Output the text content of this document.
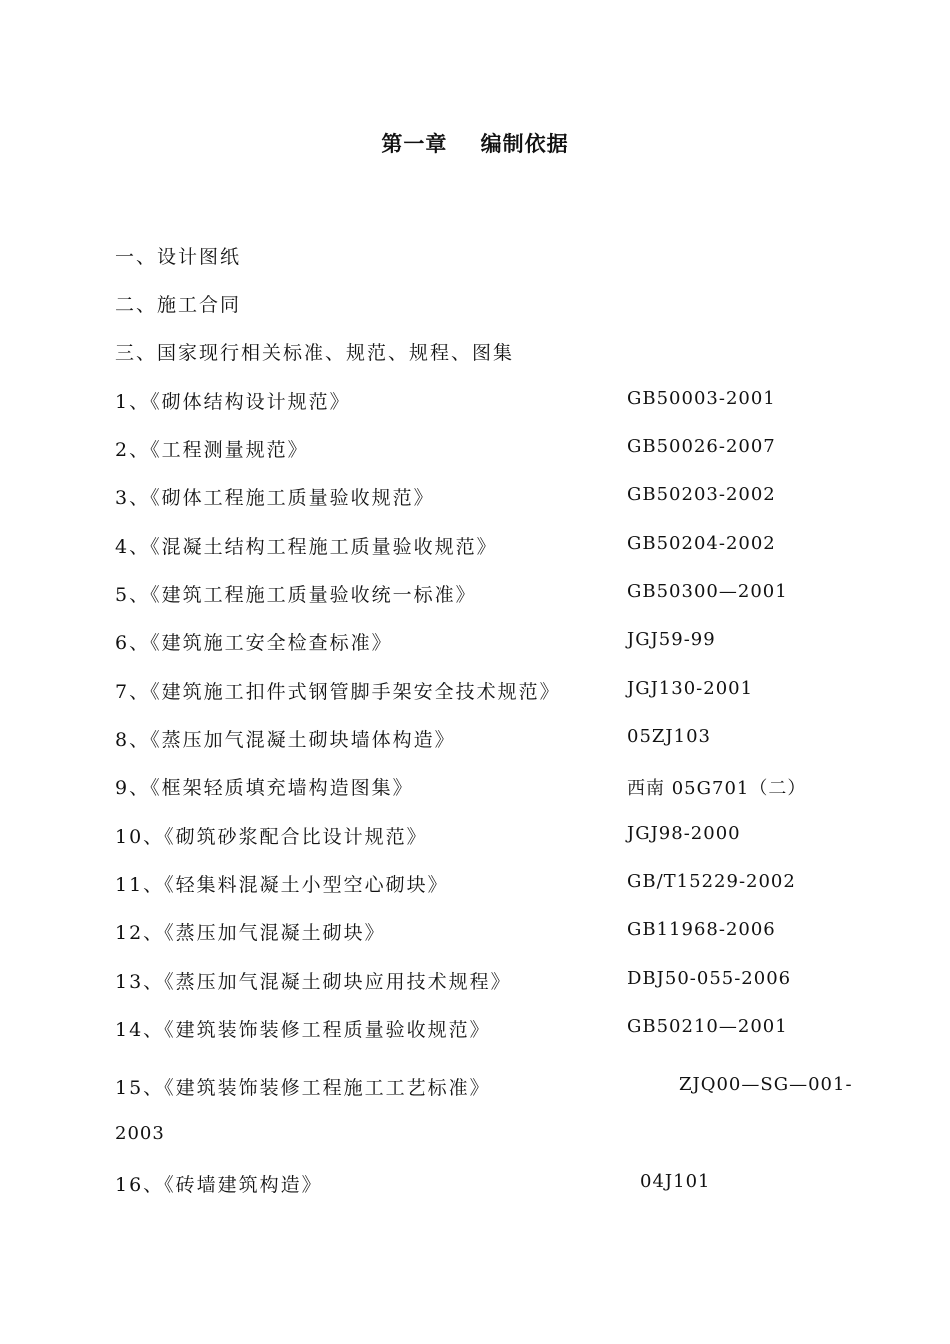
第一章    编制依据
一、设计图纸
二、施工合同
三、国家现行相关标准、规范、规程、图集
1、《砌体结构设计规范》	GB50003-2001
2、《工程测量规范》	GB50026-2007
3、《砌体工程施工质量验收规范》	GB50203-2002
4、《混凝土结构工程施工质量验收规范》	GB50204-2002
5、《建筑工程施工质量验收统一标准》	GB50300—2001
6、《建筑施工安全检查标准》	JGJ59-99
7、《建筑施工扣件式钢管脚手架安全技术规范》	JGJ130-2001
8、《蒸压加气混凝土砌块墙体构造》	05ZJ103
9、《框架轻质填充墙构造图集》	西南 05G701（二）
10、《砌筑砂浆配合比设计规范》	JGJ98-2000
11、《轻集料混凝土小型空心砌块》	GB/T15229-2002
12、《蒸压加气混凝土砌块》	GB11968-2006
13、《蒸压加气混凝土砌块应用技术规程》	DBJ50-055-2006
14、《建筑装饰装修工程质量验收规范》	GB50210—2001
15、《建筑装饰装修工程施工工艺标准》	ZJQ00—SG—001-
2003
16、《砖墙建筑构造》	04J101
